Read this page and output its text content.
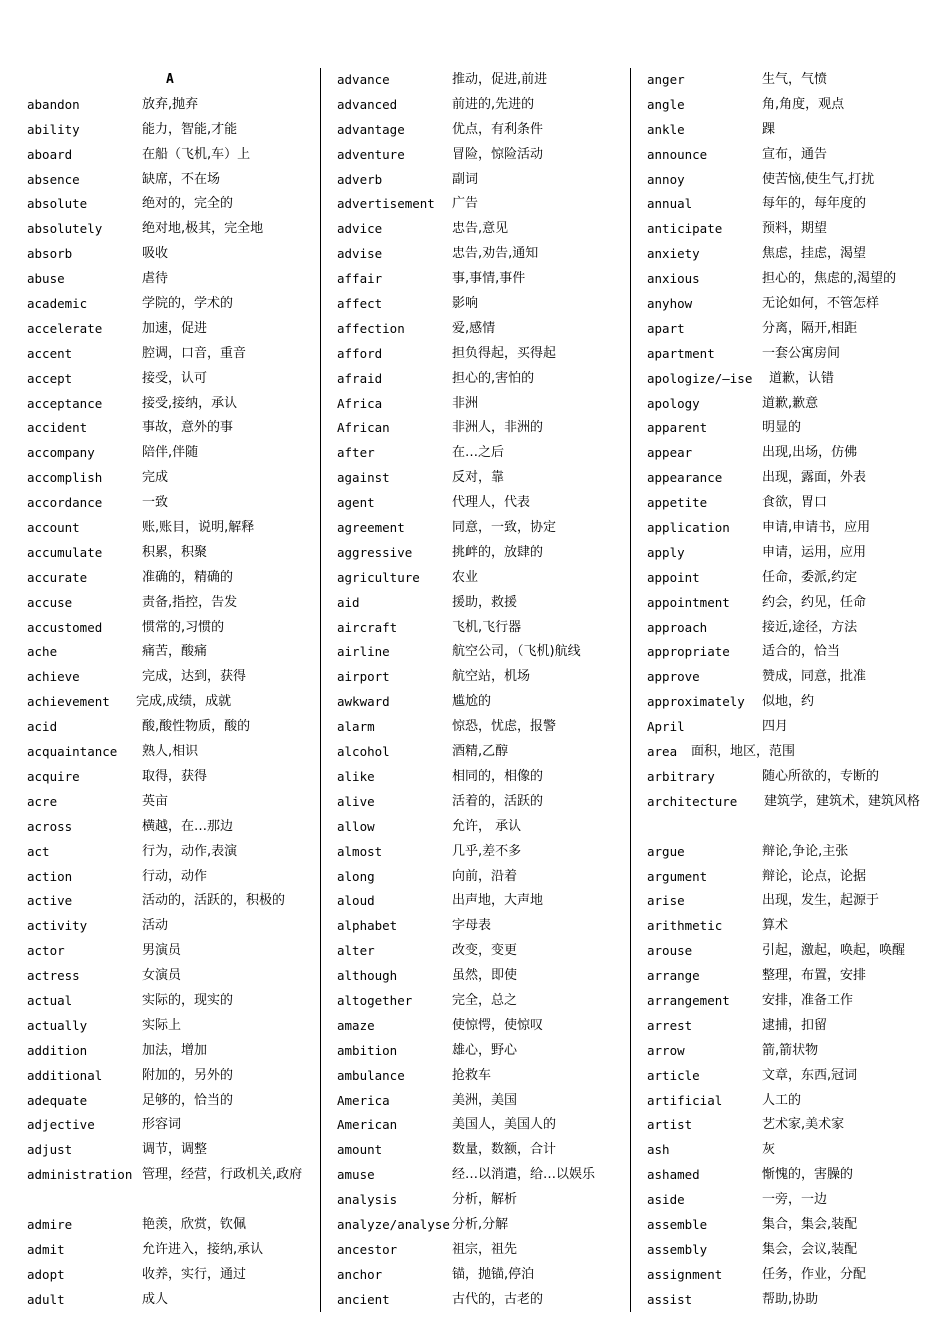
A
abandon	放弃,抛弃
ability	能力，智能,才能
aboard	在船（飞机,车）上
absence	缺席，不在场
absolute	绝对的，完全的
absolutely	绝对地,极其，完全地
absorb	吸收
abuse	虐待
academic	学院的，学术的
accelerate	加速，促进
accent	腔调，口音，重音
accept	接受，认可
acceptance	接受,接纳，承认
accident	事故，意外的事
accompany	陪伴,伴随
accomplish	完成
accordance	一致
account	账,账目，说明,解释
accumulate	积累，积聚
accurate	准确的，精确的
accuse	责备,指控，告发
accustomed	惯常的,习惯的
ache	痛苦，酸痛
achieve	完成，达到，获得
achievement 完成,成绩，成就
acid	酸,酸性物质，酸的
acquaintance 熟人,相识
acquire	取得，获得
acre	英亩
across	横越，在…那边
act	行为，动作,表演
action	行动，动作
active	活动的，活跃的，积极的
activity	活动
actor	男演员
actress	女演员
actual	实际的，现实的
actually	实际上
addition	加法，增加
additional	附加的，另外的
adequate	足够的，恰当的
adjective	形容词
adjust	调节，调整
administration 管理，经营，行政机关,政府
admire	艳羡，欣赏，钦佩
admit	允许进入，接纳,承认
adopt	收养，实行，通过
adult	成人
advance	推动，促进,前进
advanced	前进的,先进的
advantage	优点，有利条件
adventure	冒险，惊险活动
adverb	副词
advertisement 广告
advice	忠告,意见
advise	忠告,劝告,通知
affair	事,事情,事件
affect	影响
affection	爱,感情
afford	担负得起，买得起
afraid	担心的,害怕的
Africa	非洲
African	非洲人，非洲的
after	在…之后
against	反对，靠
agent	代理人，代表
agreement	同意，一致，协定
aggressive	挑衅的，放肆的
agriculture 农业
aid	援助，救援
aircraft	飞机,飞行器
airline	航空公司，（飞机)航线
airport	航空站，机场
awkward	尴尬的
alarm	惊恐，忧虑，报警
alcohol	酒精,乙醇
alike	相同的，相像的
alive	活着的，活跃的
allow	允许， 承认
almost	几乎,差不多
along	向前，沿着
aloud	出声地，大声地
alphabet	字母表
alter	改变，变更
although	虽然，即使
altogether	完全，总之
amaze	使惊愕，使惊叹
ambition	雄心，野心
ambulance	抢救车
America	美洲，美国
American	美国人，美国人的
amount	数量，数额，合计
amuse	经…以消遣，给…以娱乐
analysis	分析，解析
analyze/analyse 分析,分解
ancestor	祖宗，祖先
anchor	锚，抛锚,停泊
ancient	古代的，古老的
anger	生气，气愤
angle	角,角度，观点
ankle	踝
announce	宣布，通告
annoy	使苦恼,使生气,打扰
annual	每年的，每年度的
anticipate	预料，期望
anxiety	焦虑，挂虑，渴望
anxious	担心的，焦虑的,渴望的
anyhow	无论如何，不管怎样
apart	分离，隔开,相距
apartment	一套公寓房间
apologize/—ise 道歉，认错
apology	道歉,歉意
apparent	明显的
appear	出现,出场，仿佛
appearance	出现，露面，外表
appetite	食欲，胃口
application 申请,申请书，应用
apply	申请，运用，应用
appoint	任命，委派,约定
appointment 约会，约见，任命
approach	接近,途径，方法
appropriate 适合的，恰当
approve	赞成，同意，批准
approximately 似地，约
April	四月
area 面积，地区，范围
arbitrary	随心所欲的，专断的
architecture 建筑学，建筑术，建筑风格
argue	辩论,争论,主张
argument	辩论，论点，论据
arise	出现，发生，起源于
arithmetic	算术
arouse	引起，激起，唤起，唤醒
arrange	整理，布置，安排
arrangement 安排，准备工作
arrest	逮捕，扣留
arrow	箭,箭状物
article	文章，东西,冠词
artificial	人工的
artist	艺术家,美术家
ash	灰
ashamed	惭愧的，害臊的
aside	一旁，一边
assemble	集合，集会,装配
assembly	集会，会议,装配
assignment	任务，作业，分配
assist	帮助,协助
